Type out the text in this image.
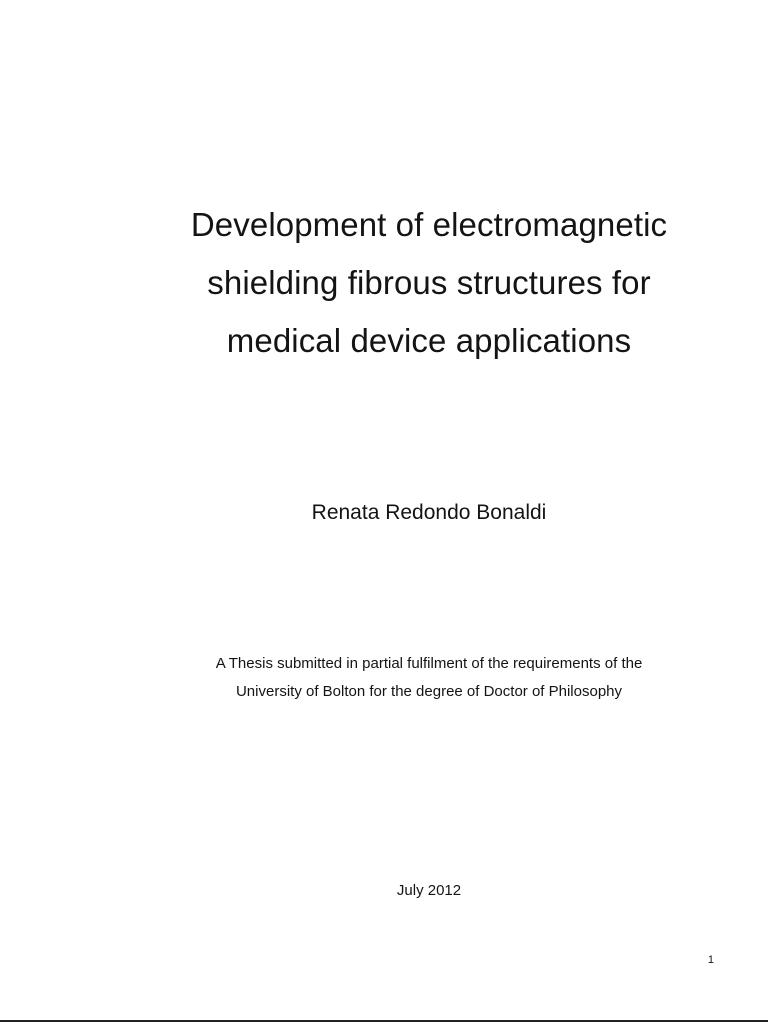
Development of electromagnetic
shielding fibrous structures for
medical device applications
Renata Redondo Bonaldi
A Thesis submitted in partial fulfilment of the requirements of the
University of Bolton for the degree of Doctor of Philosophy
July 2012
1
